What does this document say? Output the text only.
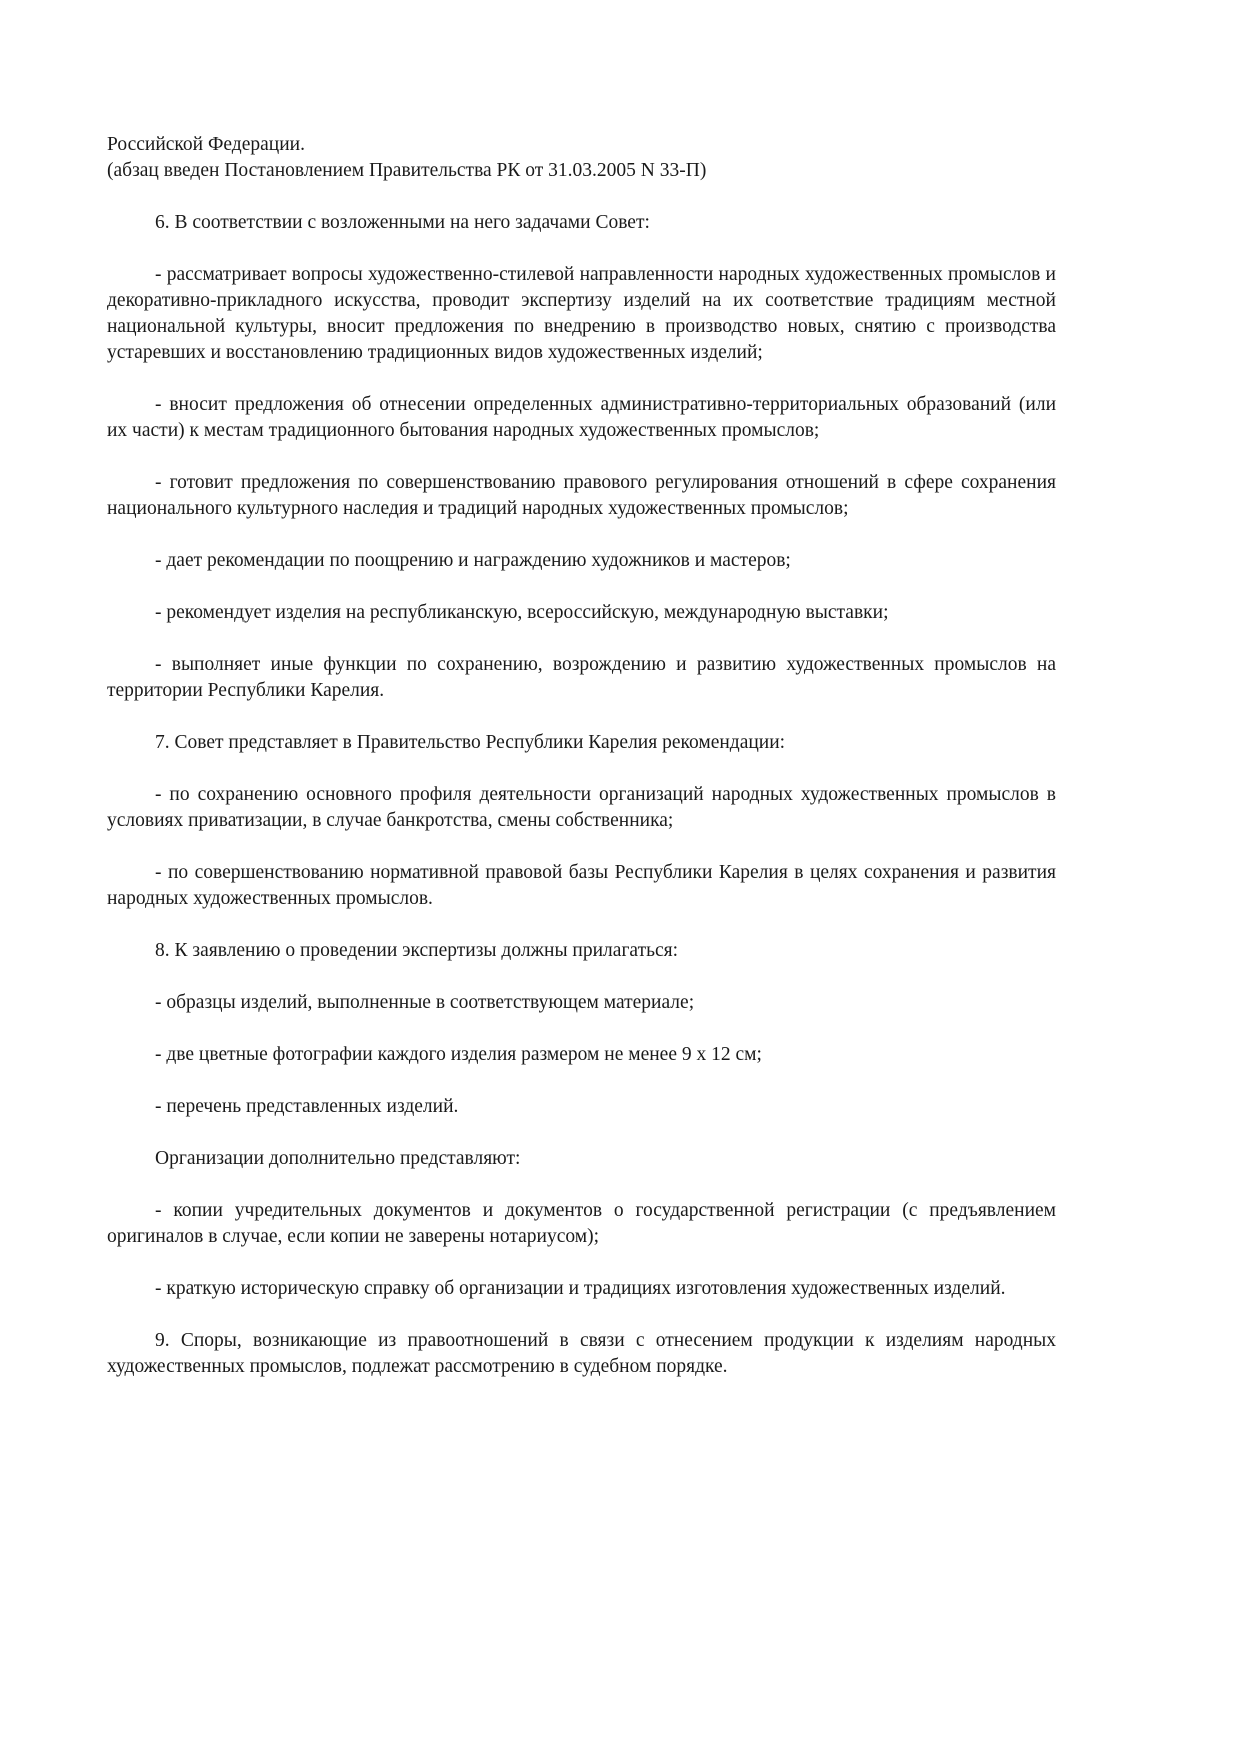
Российской Федерации.

(абзац введен Постановлением Правительства РК от 31.03.2005 N 33-П)

6. В соответствии с возложенными на него задачами Совет:

- рассматривает вопросы художественно-стилевой направленности народных художественных промыслов и декоративно-прикладного искусства, проводит экспертизу изделий на их соответствие традициям местной национальной культуры, вносит предложения по внедрению в производство новых, снятию с производства устаревших и восстановлению традиционных видов художественных изделий;

- вносит предложения об отнесении определенных административно-территориальных образований (или их части) к местам традиционного бытования народных художественных промыслов;

- готовит предложения по совершенствованию правового регулирования отношений в сфере сохранения национального культурного наследия и традиций народных художественных промыслов;

- дает рекомендации по поощрению и награждению художников и мастеров;

- рекомендует изделия на республиканскую, всероссийскую, международную выставки;

- выполняет иные функции по сохранению, возрождению и развитию художественных промыслов на территории Республики Карелия.

7. Совет представляет в Правительство Республики Карелия рекомендации:

- по сохранению основного профиля деятельности организаций народных художественных промыслов в условиях приватизации, в случае банкротства, смены собственника;

- по совершенствованию нормативной правовой базы Республики Карелия в целях сохранения и развития народных художественных промыслов.

8. К заявлению о проведении экспертизы должны прилагаться:

- образцы изделий, выполненные в соответствующем материале;

- две цветные фотографии каждого изделия размером не менее 9 х 12 см;

- перечень представленных изделий.

Организации дополнительно представляют:

- копии учредительных документов и документов о государственной регистрации (с предъявлением оригиналов в случае, если копии не заверены нотариусом);

- краткую историческую справку об организации и традициях изготовления художественных изделий.

9. Споры, возникающие из правоотношений в связи с отнесением продукции к изделиям народных художественных промыслов, подлежат рассмотрению в судебном порядке.
